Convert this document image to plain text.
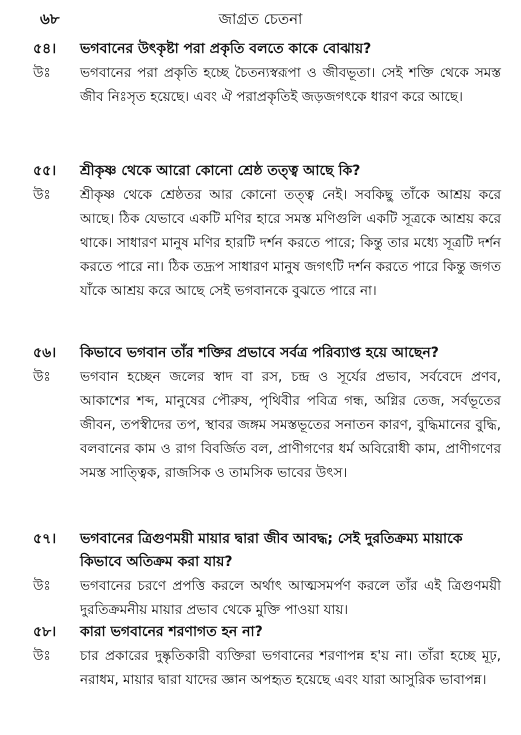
৬৮	জাগ্রত চেতনা
৫৪।	ভগবানের উৎকৃষ্টা পরা প্রকৃতি বলতে কাকে বোঝায়?
উঃ ভগবানের পরা প্রকৃতি হচ্ছে চৈতন্যস্বরূপা ও জীবভূতা। সেই শক্তি থেকে সমস্ত জীব নিঃসৃত হয়েছে। এবং ঐ পরাপ্রকৃতিই জড়জগৎকে ধারণ করে আছে।
৫৫।	শ্রীকৃষ্ণ থেকে আরো কোনো শ্রেষ্ঠ তত্ত্ব আছে কি?
উঃ শ্রীকৃষ্ণ থেকে শ্রেষ্ঠতর আর কোনো তত্ত্ব নেই। সবকিছু তাঁকে আশ্রয় করে আছে। ঠিক যেভাবে একটি মণির হারে সমস্ত মণিগুলি একটি সূত্রকে আশ্রয় করে থাকে। সাধারণ মানুষ মণির হারটি দর্শন করতে পারে; কিন্তু তার মধ্যে সূত্রটি দর্শন করতে পারে না। ঠিক তদ্রূপ সাধারণ মানুষ জগৎটি দর্শন করতে পারে কিন্তু জগত যাঁকে আশ্রয় করে আছে সেই ভগবানকে বুঝতে পারে না।
৫৬।	কিভাবে ভগবান তাঁর শক্তির প্রভাবে সর্বত্র পরিব্যাপ্ত হয়ে আছেন?
উঃ ভগবান হচ্ছেন জলের স্বাদ বা রস, চন্দ্র ও সূর্যের প্রভাব, সর্ববেদে প্রণব, আকাশের শব্দ, মানুষের পৌরুষ, পৃথিবীর পবিত্র গন্ধ, অগ্নির তেজ, সর্বভূতের জীবন, তপস্বীদের তপ, স্থাবর জঙ্গম সমস্তভূতের সনাতন কারণ, বুদ্ধিমানের বুদ্ধি, বলবানের কাম ও রাগ বিবর্জিত বল, প্রাণীগণের ধর্ম অবিরোধী কাম, প্রাণীগণের সমস্ত সাত্ত্বিক, রাজসিক ও তামসিক ভাবের উৎস।
৫৭।	ভগবানের ত্রিগুণময়ী মায়ার দ্বারা জীব আবদ্ধ; সেই দুরতিক্রম্য মায়াকে কিভাবে অতিক্রম করা যায়?
উঃ ভগবানের চরণে প্রপত্তি করলে অর্থাৎ আত্মসমর্পণ করলে তাঁর এই ত্রিগুণময়ী দুরতিক্রমনীয় মায়ার প্রভাব থেকে মুক্তি পাওয়া যায়।
৫৮।	কারা ভগবানের শরণাগত হন না?
উঃ চার প্রকারের দুষ্কৃতিকারী ব্যক্তিরা ভগবানের শরণাপন্ন হ'য় না। তাঁরা হচ্ছে মূঢ়, নরাধম, মায়ার দ্বারা যাদের জ্ঞান অপহৃত হয়েছে এবং যারা আসুরিক ভাবাপন্ন।
